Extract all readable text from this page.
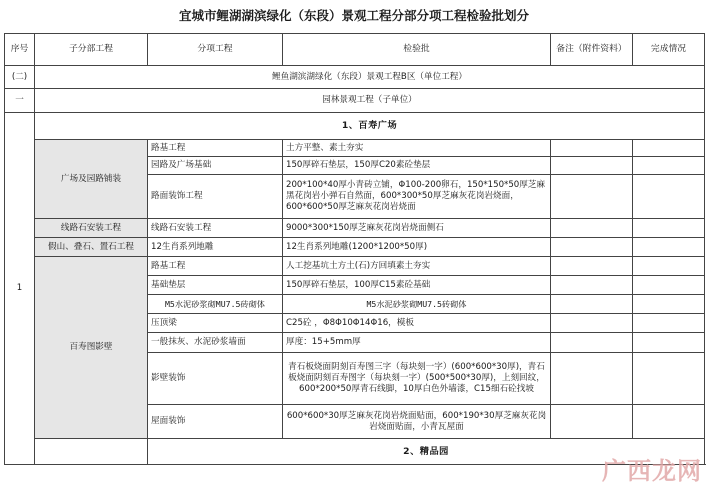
宜城市鲤湖湖滨绿化（东段）景观工程分部分项工程检验批划分
序号	子分部工程	分项工程	检验批	备注（附件资料）	完成情况
(二)	鲤鱼湖滨湖绿化（东段）景观工程B区（单位工程）				
一	园林景观工程（子单位）				
1	1、百寿广场				
	广场及园路铺装	路基工程	土方平整、素土夯实		
		园路及广场基础	150厚碎石垫层，150厚C20素砼垫层		
		路面装饰工程	200*100*40厚小青砖立铺，Φ100-200卵石，150*150*50厚芝麻黑花岗岩小弹石自然面，600*300*50厚芝麻灰花岗岩烧面，600*600*50厚芝麻灰花岗岩烧面		
	线路石安装工程	线路石安装工程	9000*300*150厚芝麻灰花岗岩烧面侧石		
	假山、叠石、置石工程	12生肖系列地雕	12生肖系列地雕(1200*1200*50厚)		
	百寿图影壁	路基工程	人工挖基坑土方土(石)方回填素土夯实		
		基础垫层	150厚碎石垫层，100厚C15素砼基础		
		M5水泥砂浆砌MU7.5砖砌体	M5水泥砂浆砌MU7.5砖砌体		
		压顶梁	C25砼 ，Φ8Φ10Φ14Φ16，模板		
		一般抹灰、水泥砂浆墙面	厚度：15+5mm厚		
		影壁装饰	青石板烧面阴刻百寿图三字（每块刻一字）(600*600*30厚)，青石板烧面阴刻百寿图字（每块刻一字）(500*500*30厚)，上刻回纹，600*200*50厚青石线脚，10厚白色外墙漆，C15细石砼找坡		
		屋面装饰	600*600*30厚芝麻灰花岗岩烧面贴面，600*190*30厚芝麻灰花岗岩烧面贴面，小青瓦屋面		
		2、精品园			
广西龙网
